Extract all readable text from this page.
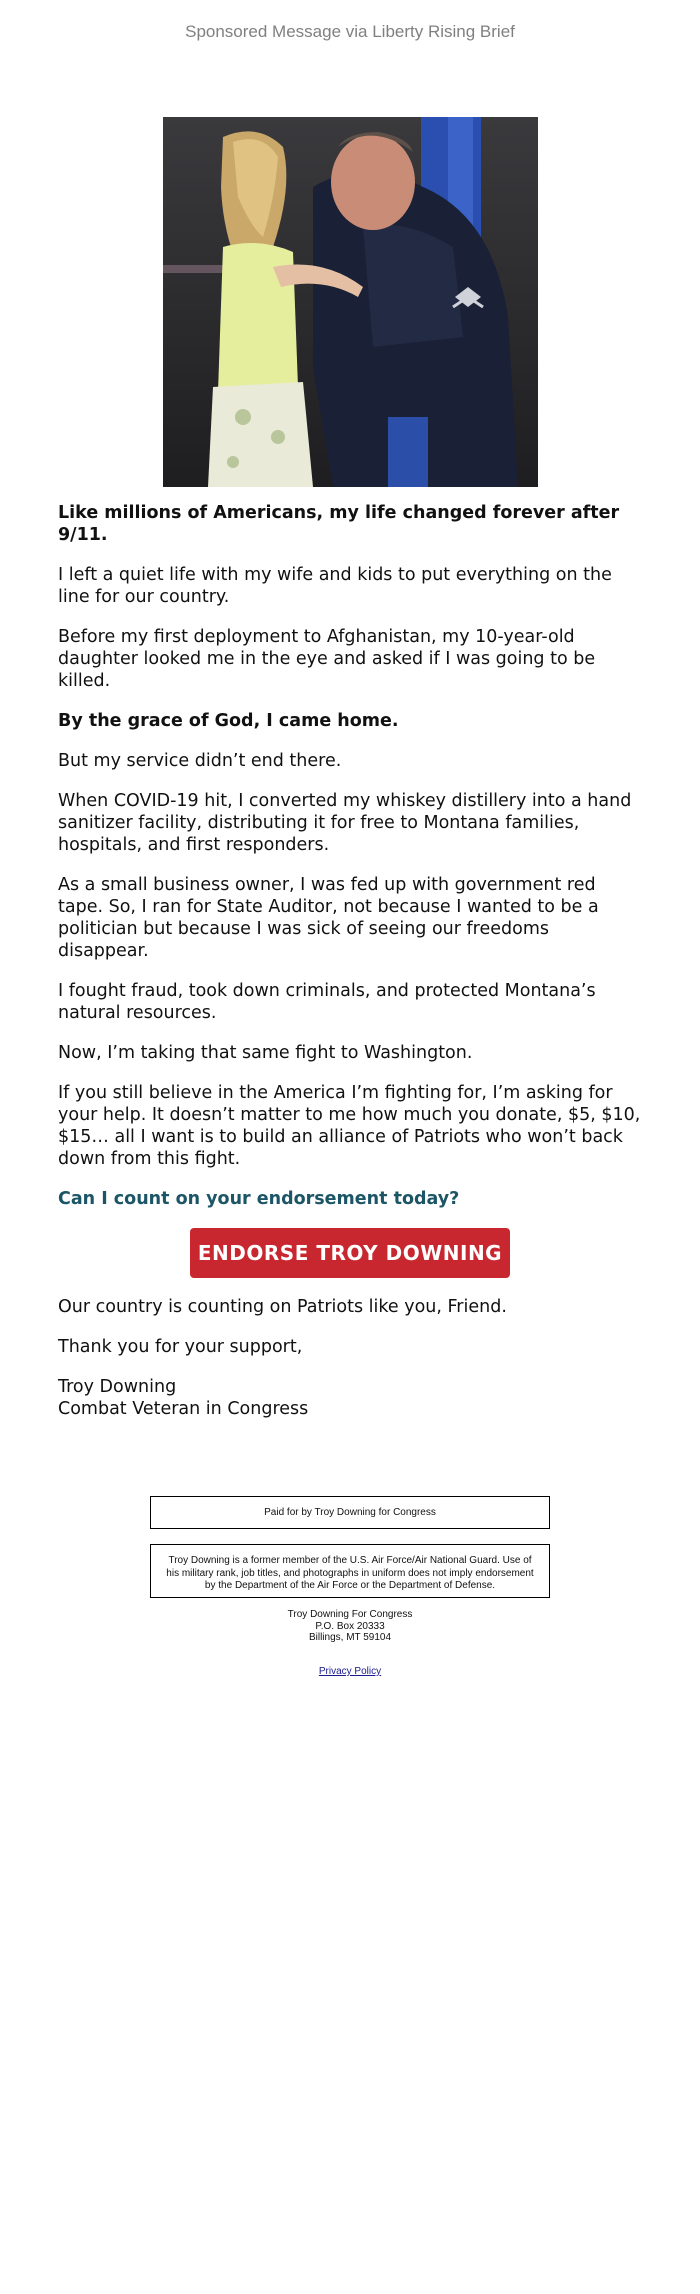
Sponsored Message via Liberty Rising Brief

Like millions of Americans, my life changed forever after 9/11.

I left a quiet life with my wife and kids to put everything on the line for our country.

Before my first deployment to Afghanistan, my 10-year-old daughter looked me in the eye and asked if I was going to be killed.

By the grace of God, I came home.

But my service didn’t end there.

When COVID-19 hit, I converted my whiskey distillery into a hand sanitizer facility, distributing it for free to Montana families, hospitals, and first responders.

As a small business owner, I was fed up with government red tape. So, I ran for State Auditor, not because I wanted to be a politician but because I was sick of seeing our freedoms disappear.

I fought fraud, took down criminals, and protected Montana’s natural resources.

Now, I’m taking that same fight to Washington.

If you still believe in the America I’m fighting for, I’m asking for your help. It doesn’t matter to me how much you donate, $5, $10, $15… all I want is to build an alliance of Patriots who won’t back down from this fight.

Can I count on your endorsement today?

ENDORSE TROY DOWNING

Our country is counting on Patriots like you, Friend.

Thank you for your support,

Troy Downing
Combat Veteran in Congress

Paid for by Troy Downing for Congress
Troy Downing is a former member of the U.S. Air Force/Air National Guard. Use of his military rank, job titles, and photographs in uniform does not imply endorsement by the Department of the Air Force or the Department of Defense.
Troy Downing For Congress
P.O. Box 20333
Billings, MT 59104
Privacy Policy
